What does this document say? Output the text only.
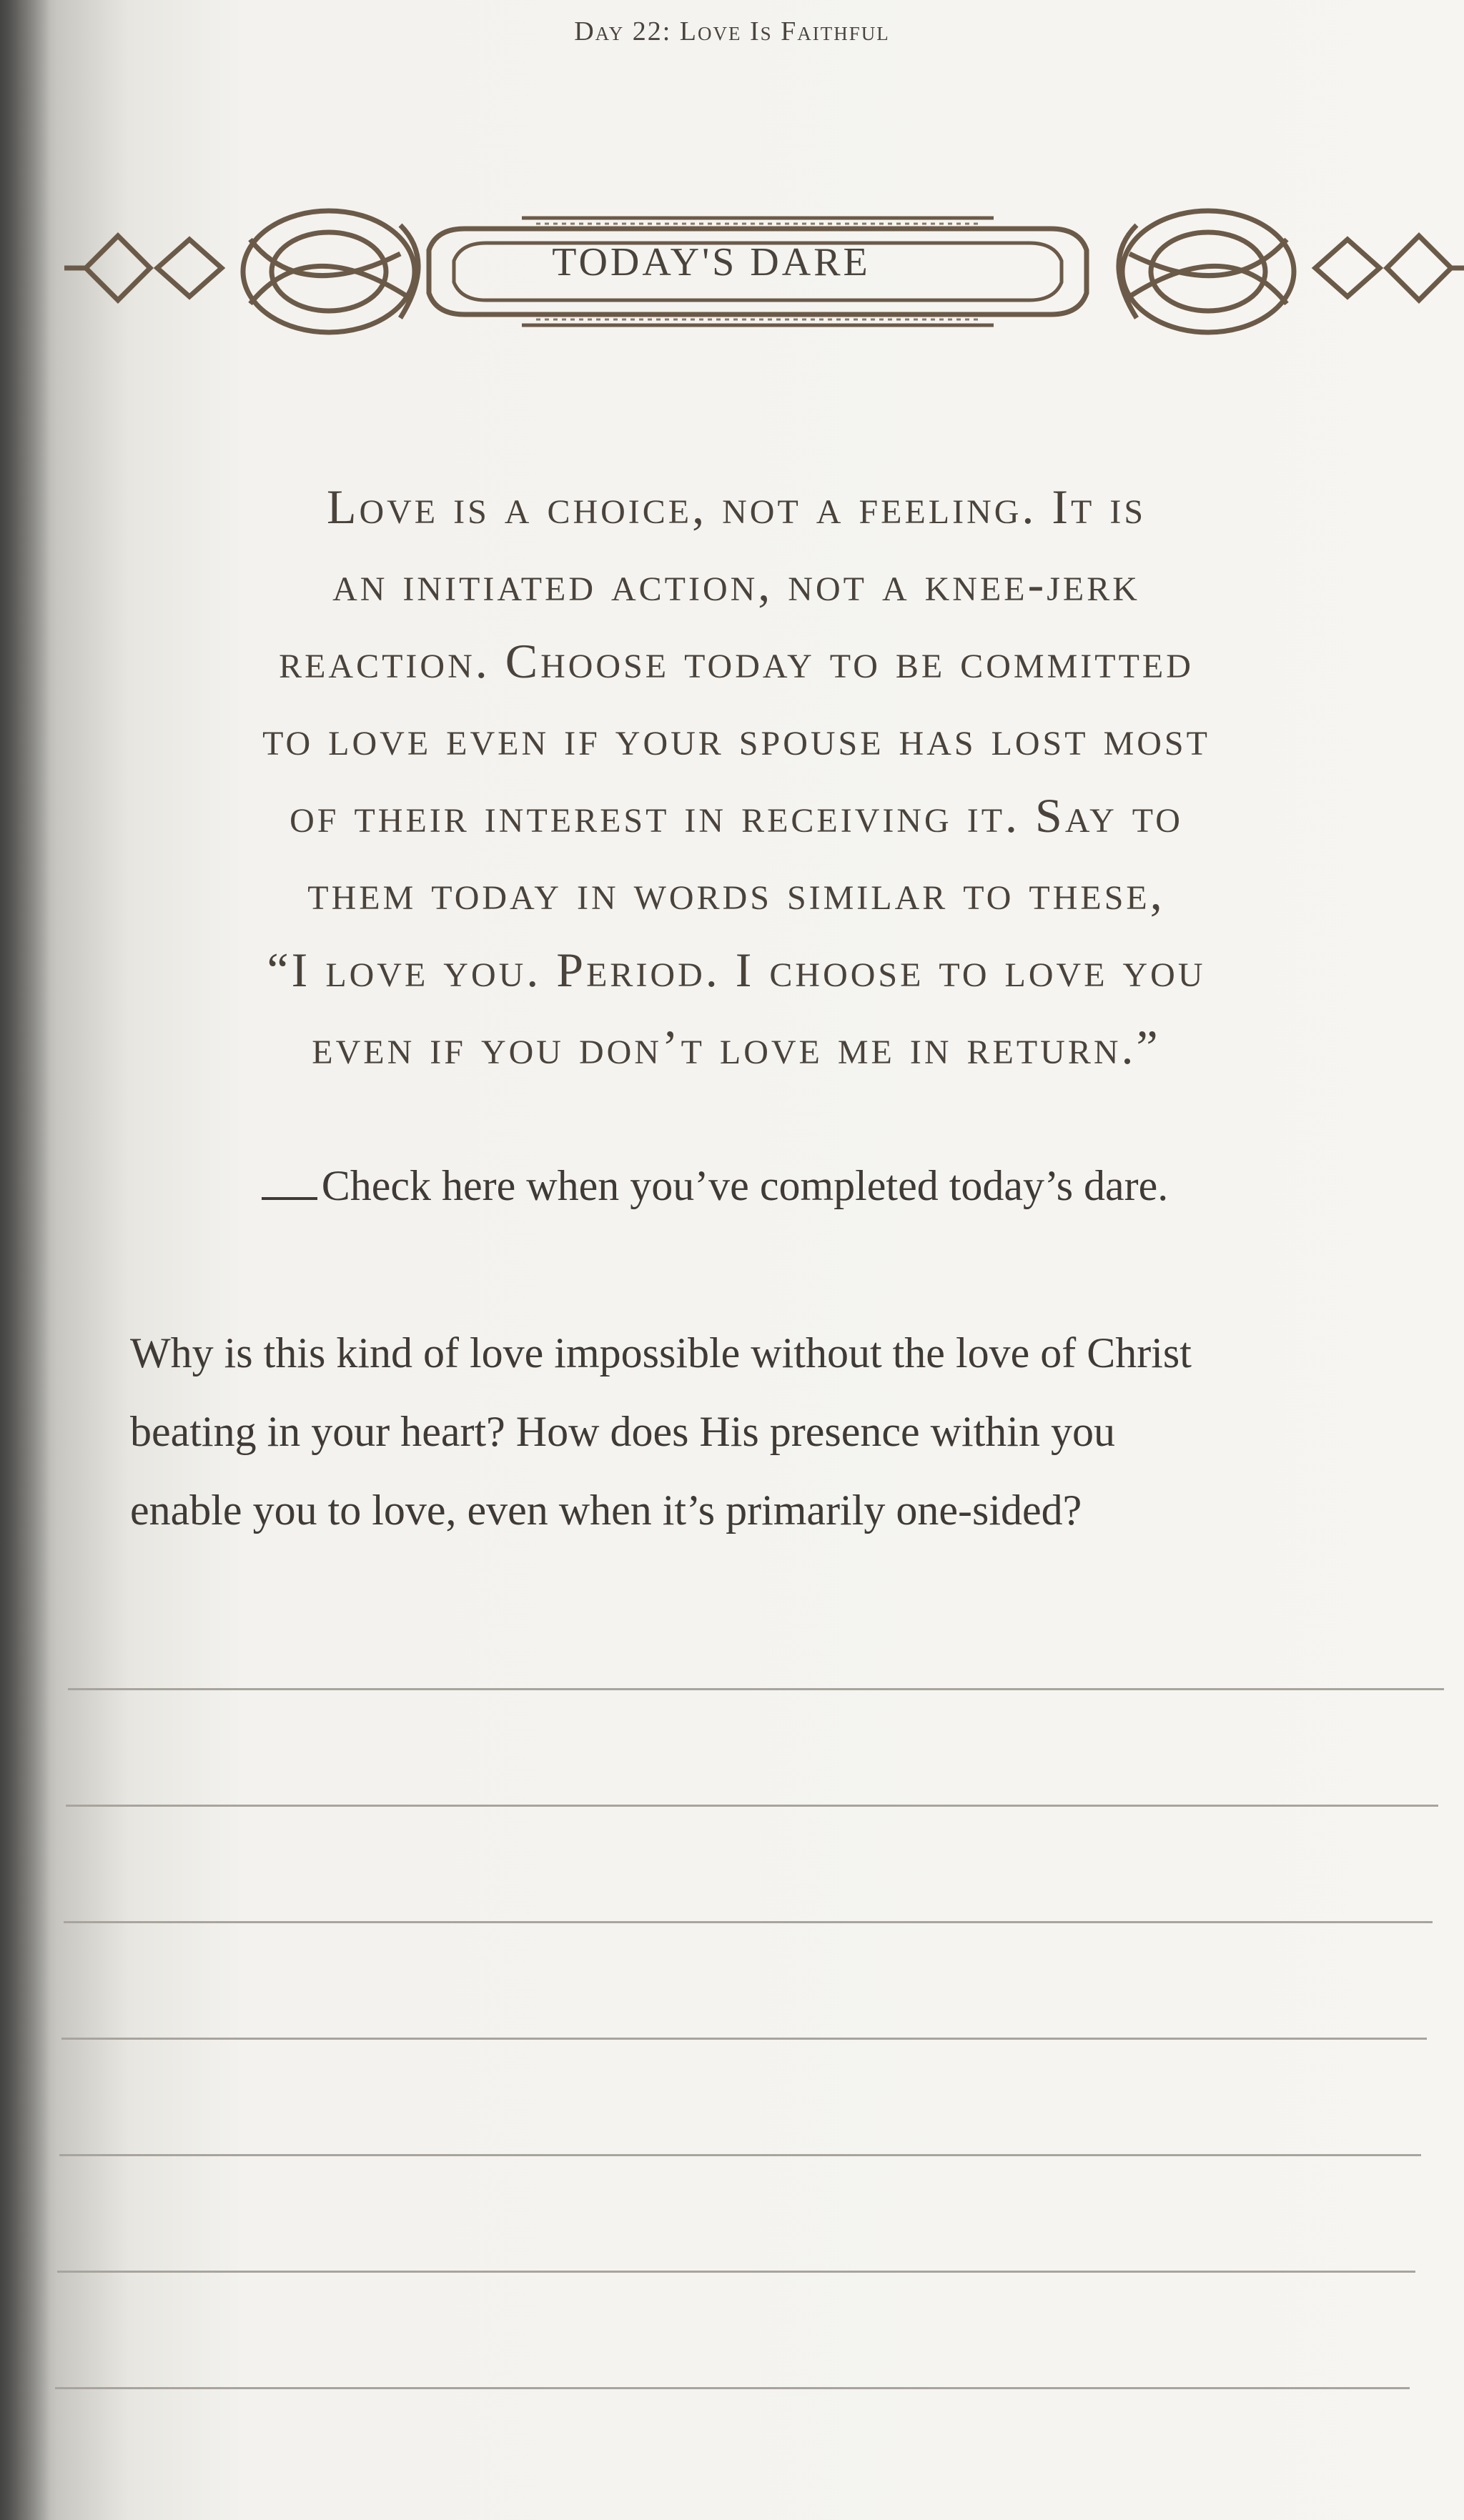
Day 22: Love Is Faithful
TODAY'S DARE
Love is a choice, not a feeling. It is
an initiated action, not a knee-jerk
reaction. Choose today to be committed
to love even if your spouse has lost most
of their interest in receiving it. Say to
them today in words similar to these,
“I love you. Period. I choose to love you
even if you don’t love me in return.”
Check here when you’ve completed today’s dare.
Why is this kind of love impossible without the love of Christ
beating in your heart? How does His presence within you
enable you to love, even when it’s primarily one-sided?
